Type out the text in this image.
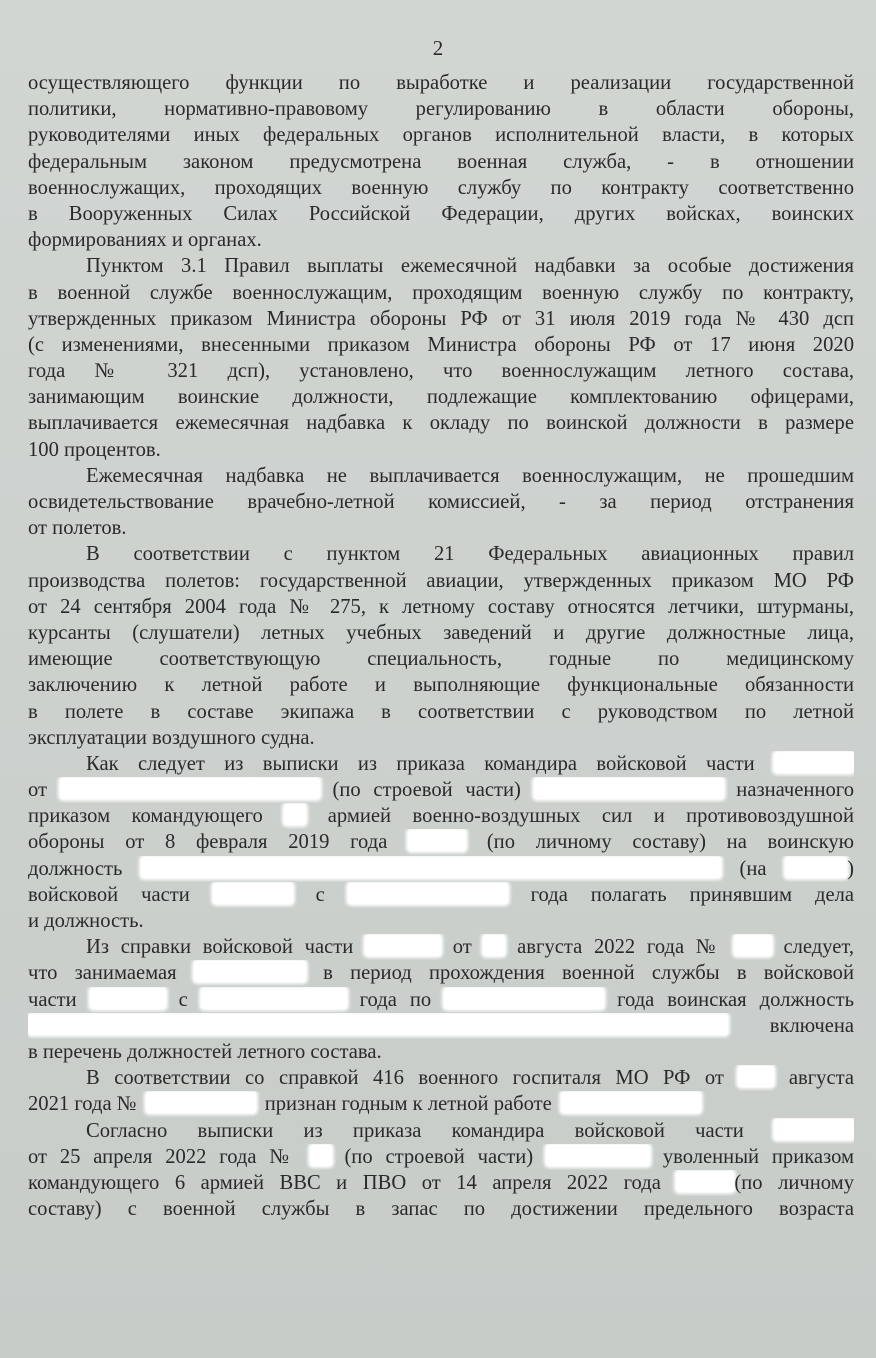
2
осуществляющего функции по выработке и реализации государственной
политики, нормативно-правовому регулированию в области обороны,
руководителями иных федеральных органов исполнительной власти, в которых
федеральным законом предусмотрена военная служба, - в отношении
военнослужащих, проходящих военную службу по контракту соответственно
в Вооруженных Силах Российской Федерации, других войсках, воинских
формированиях и органах.
Пунктом 3.1 Правил выплаты ежемесячной надбавки за особые достижения
в военной службе военнослужащим, проходящим военную службу по контракту,
утвержденных приказом Министра обороны РФ от 31 июля 2019 года № 430 дсп
(с изменениями, внесенными приказом Министра обороны РФ от 17 июня 2020
года № 321 дсп), установлено, что военнослужащим летного состава,
занимающим воинские должности, подлежащие комплектованию офицерами,
выплачивается ежемесячная надбавка к окладу по воинской должности в размере
100 процентов.
Ежемесячная надбавка не выплачивается военнослужащим, не прошедшим
освидетельствование врачебно-летной комиссией, - за период отстранения
от полетов.
В соответствии с пунктом 21 Федеральных авиационных правил
производства полетов: государственной авиации, утвержденных приказом МО РФ
от 24 сентября 2004 года № 275, к летному составу относятся летчики, штурманы,
курсанты (слушатели) летных учебных заведений и другие должностные лица,
имеющие соответствующую специальность, годные по медицинскому
заключению к летной работе и выполняющие функциональные обязанности
в полете в составе экипажа в соответствии с руководством по летной
эксплуатации воздушного судна.
Как следует из выписки из приказа командира войсковой части
от	(по строевой части)	назначенного
приказом командующего	армией военно-воздушных сил и противовоздушной
обороны от 8 февраля 2019 года	(по личному составу) на воинскую
должность	(на	)
войсковой части	с	года полагать принявшим дела
и должность.
Из справки войсковой части	от августа 2022 года №	следует,
что занимаемая	в период прохождения военной службы в войсковой
части	с	года по	года воинская должность
включена
в перечень должностей летного состава.
В соответствии со справкой 416 военного госпиталя МО РФ от	августа
2021 года №	признан годным к летной работе
Согласно выписки из приказа командира войсковой части
от 25 апреля 2022 года № (по строевой части)	уволенный приказом
командующего 6 армией ВВС и ПВО от 14 апреля 2022 года	(по личному
составу) с военной службы в запас по достижении предельного возраста
